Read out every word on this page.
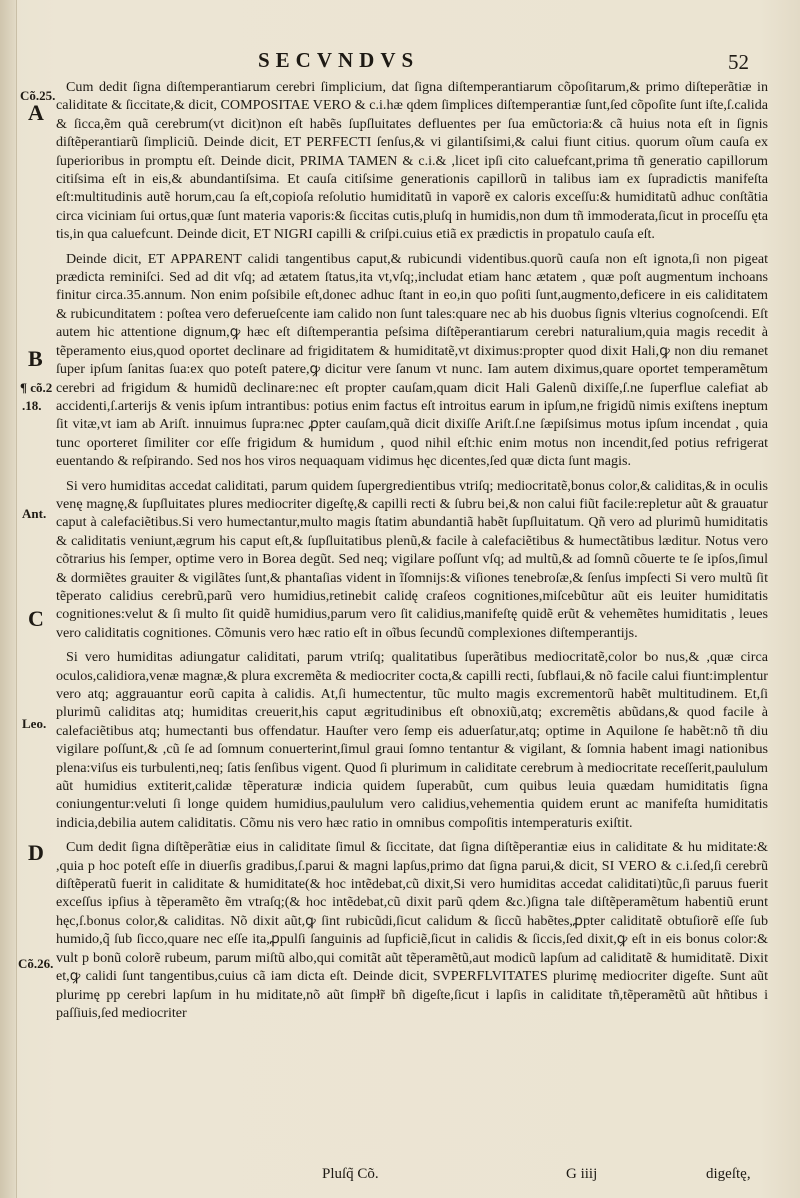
SECVNDVS	52
Cõ.25.
¶ cõ.2
.18.
Ant.
Leo.
Cõ.26.
A
B
C
D

Cum dedit ſigna diſtemperantiarum cerebri ſimplicium, dat ſigna diſtemperantiarum cõpoſitarum,& primo diſteperãtiæ in caliditate & ſiccitate,& dicit, COMPOSITAE VERO & c.i.hæ qdem ſimplices diſtemperantiæ ſunt,ſed cõpoſite ſunt iſte,ſ.calida & ſicca,ẽm quã cerebrum(vt dicit)non eſt habẽs ſupſluitates defluentes per ſua emũctoria:& cã huius nota eſt in ſignis diſtẽperantiarũ ſimpliciũ. Deinde dicit, ET PERFECTI ſenſus,& vi gilantiſsimi,& calui fiunt citius. quorum oĩum cauſa ex ſuperioribus in promptu eſt. Deinde dicit, PRIMA TAMEN & c.i.& ,licet ipſi cito caluefcant,prima tñ generatio capillorum citiſsima eſt in eis,& abundantiſsima. Et cauſa citiſsime generationis capillorũ in talibus iam ex ſupradictis manifeſta eſt:multitudinis autẽ horum,cau ſa eſt,copioſa reſolutio humiditatũ in vaporẽ ex caloris exceſſu:& humiditatũ adhuc conſtãtia circa viciniam ſui ortus,quæ ſunt materia vaporis:& ſiccitas cutis,pluſq in humidis,non dum tñ immoderata,ſicut in proceſſu ęta tis,in qua caluefcunt. Deinde dicit, ET NIGRI capilli & criſpi.cuius etiã ex prædictis in propatulo cauſa eſt.

Deinde dicit, ET APPARENT calidi tangentibus caput,& rubicundi videntibus.quorũ cauſa non eſt ignota,ſi non pigeat prædicta reminiſci. Sed ad dit vſq; ad ætatem ſtatus,ita vt,vſq;,includat etiam hanc ætatem , quæ poſt augmentum inchoans finitur circa.35.annum. Non enim poſsibile eſt,donec adhuc ſtant in eo,in quo poſiti ſunt,augmento,deficere in eis caliditatem & rubicunditatem : poſtea vero deferueſcente iam calido non ſunt tales:quare nec ab his duobus ſignis vlterius cognoſcendi. Eſt autem hic attentione dignum,ꝙ hæc eſt diſtemperantia peſsima diſtẽperantiarum cerebri naturalium,quia magis recedit à tẽperamento eius,quod oportet declinare ad frigiditatem & humiditatẽ,vt diximus:propter quod dixit Hali,ꝙ non diu remanet ſuper ipſum ſanitas ſua:ex quo poteſt patere,ꝙ dicitur vere ſanum vt nunc. Iam autem diximus,quare oportet temperamẽtum cerebri ad frigidum & humidũ declinare:nec eſt propter cauſam,quam dicit Hali Galenũ dixiſſe,ſ.ne ſuperflue calefiat ab accidenti,ſ.arterijs & venis ipſum intrantibus: potius enim factus eſt introitus earum in ipſum,ne frigidũ nimis exiſtens ineptum ſit vitæ,vt iam ab Ariſt. innuimus ſupra:nec ꝓpter cauſam,quã dicit dixiſſe Ariſt.ſ.ne ſæpiſsimus motus ipſum incendat , quia tunc oporteret ſimiliter cor eſſe frigidum & humidum , quod nihil eſt:hic enim motus non incendit,ſed potius refrigerat euentando & reſpirando. Sed nos hos viros nequaquam vidimus hęc dicentes,ſed quæ dicta ſunt magis.

Si vero humiditas accedat caliditati, parum quidem ſupergredientibus vtriſq; mediocritatẽ,bonus color,& caliditas,& in oculis venę magnę,& ſupſluitates plures mediocriter digeſtę,& capilli recti & ſubru bei,& non calui fiũt facile:repletur aũt & grauatur caput à calefaciẽtibus.Si vero humectantur,multo magis ſtatim abundantiã habẽt ſupſluitatum. Qñ vero ad plurimũ humiditatis & caliditatis veniunt,ægrum his caput eſt,& ſupſluitatibus plenũ,& facile à calefaciẽtibus & humectãtibus læditur. Notus vero cõtrarius his ſemper, optime vero in Borea degũt. Sed neq; vigilare poſſunt vſq; ad multũ,& ad ſomnũ cõuerte te ſe ipſos,ſimul & dormiẽtes grauiter & vigilãtes ſunt,& phantaſias vident in ĩſomnijs:& viſiones tenebroſæ,& ſenſus impſecti Si vero multũ ſit tẽperato calidius cerebrũ,parũ vero humidius,retinebit calidę craſeos cognitiones,miſcebũtur aũt eis leuiter humiditatis cognitiones:velut & ſi multo ſit quidẽ humidius,parum vero ſit calidius,manifeſtę quidẽ erũt & vehemẽtes humiditatis , leues vero caliditatis cognitiones. Cõmunis vero hæc ratio eſt in oĩbus ſecundũ complexiones diſtemperantijs.

Si vero humiditas adiungatur caliditati, parum vtriſq; qualitatibus ſuperãtibus mediocritatẽ,color bo nus,& ,quæ circa oculos,calidiora,venæ magnæ,& plura excremẽta & mediocriter cocta,& capilli recti, ſubflaui,& nõ facile calui fiunt:implentur vero atq; aggrauantur eorũ capita à calidis. At,ſi humectentur, tũc multo magis excrementorũ habẽt multitudinem. Et,ſi plurimũ caliditas atq; humiditas creuerit,his caput ægritudinibus eſt obnoxiũ,atq; excremẽtis abũdans,& quod facile à calefaciẽtibus atq; humectanti bus offendatur. Hauſter vero ſemp eis aduerſatur,atq; optime in Aquilone ſe habẽt:nõ tñ diu vigilare poſſunt,& ,cũ ſe ad ſomnum conuerterint,ſimul graui ſomno tentantur & vigilant, & ſomnia habent imagi nationibus plena:viſus eis turbulenti,neq; ſatis ſenſibus vigent. Quod ſi plurimum in caliditate cerebrum à mediocritate receſſerit,paululum aũt humidius extiterit,calidæ tẽperaturæ indicia quidem ſuperabũt, cum quibus leuia quædam humiditatis ſigna coniungentur:veluti ſi longe quidem humidius,paululum vero calidius,vehementia quidem erunt ac manifeſta humiditatis indicia,debilia autem caliditatis. Cõmu nis vero hæc ratio in omnibus compoſitis intemperaturis exiſtit.

Cum dedit ſigna diſtẽperãtiæ eius in caliditate ſimul & ſiccitate, dat ſigna diſtẽperantiæ eius in caliditate & hu miditate:& ,quia p hoc poteſt eſſe in diuerſis gradibus,ſ.parui & magni lapſus,primo dat ſigna parui,& dicit, SI VERO & c.i.ſed,ſi cerebrũ diſtẽperatũ fuerit in caliditate & humiditate(& hoc intẽdebat,cũ dixit,Si vero humiditas accedat caliditati)tũc,ſi paruus fuerit exceſſus ipſius à tẽperamẽto ẽm vtraſq;(& hoc intẽdebat,cũ dixit parũ qdem &c.)ſigna tale diſtẽperamẽtum habentiũ erunt hęc,ſ.bonus color,& caliditas. Nõ dixit aũt,ꝙ ſint rubicũdi,ſicut calidum & ſiccũ habẽtes,ꝓpter caliditatẽ obtuſiorẽ eſſe ſub humido,q̃ ſub ſicco,quare nec eſſe ita,ꝓpulſi ſanguinis ad ſupficiẽ,ſicut in calidis & ſiccis,ſed dixit,ꝙ eſt in eis bonus color:& vult p bonũ colorẽ rubeum, parum miſtũ albo,qui comitãt aũt tẽperamẽtũ,aut modicũ lapſum ad caliditatẽ & humiditatẽ. Dixit et,ꝙ calidi ſunt tangentibus,cuius cã iam dicta eſt. Deinde dicit, SVPERFLVITATES plurimę mediocriter digeſte. Sunt aũt plurimę pp cerebri lapſum in hu miditate,nõ aũt ſimpł̃r bñ digeſte,ſicut i lapſis in caliditate tñ,tẽperamẽtũ aũt hñtibus i paſſiuis,ſed mediocriter

Pluſq̃ Cõ.	G iiij	digeſtę,
